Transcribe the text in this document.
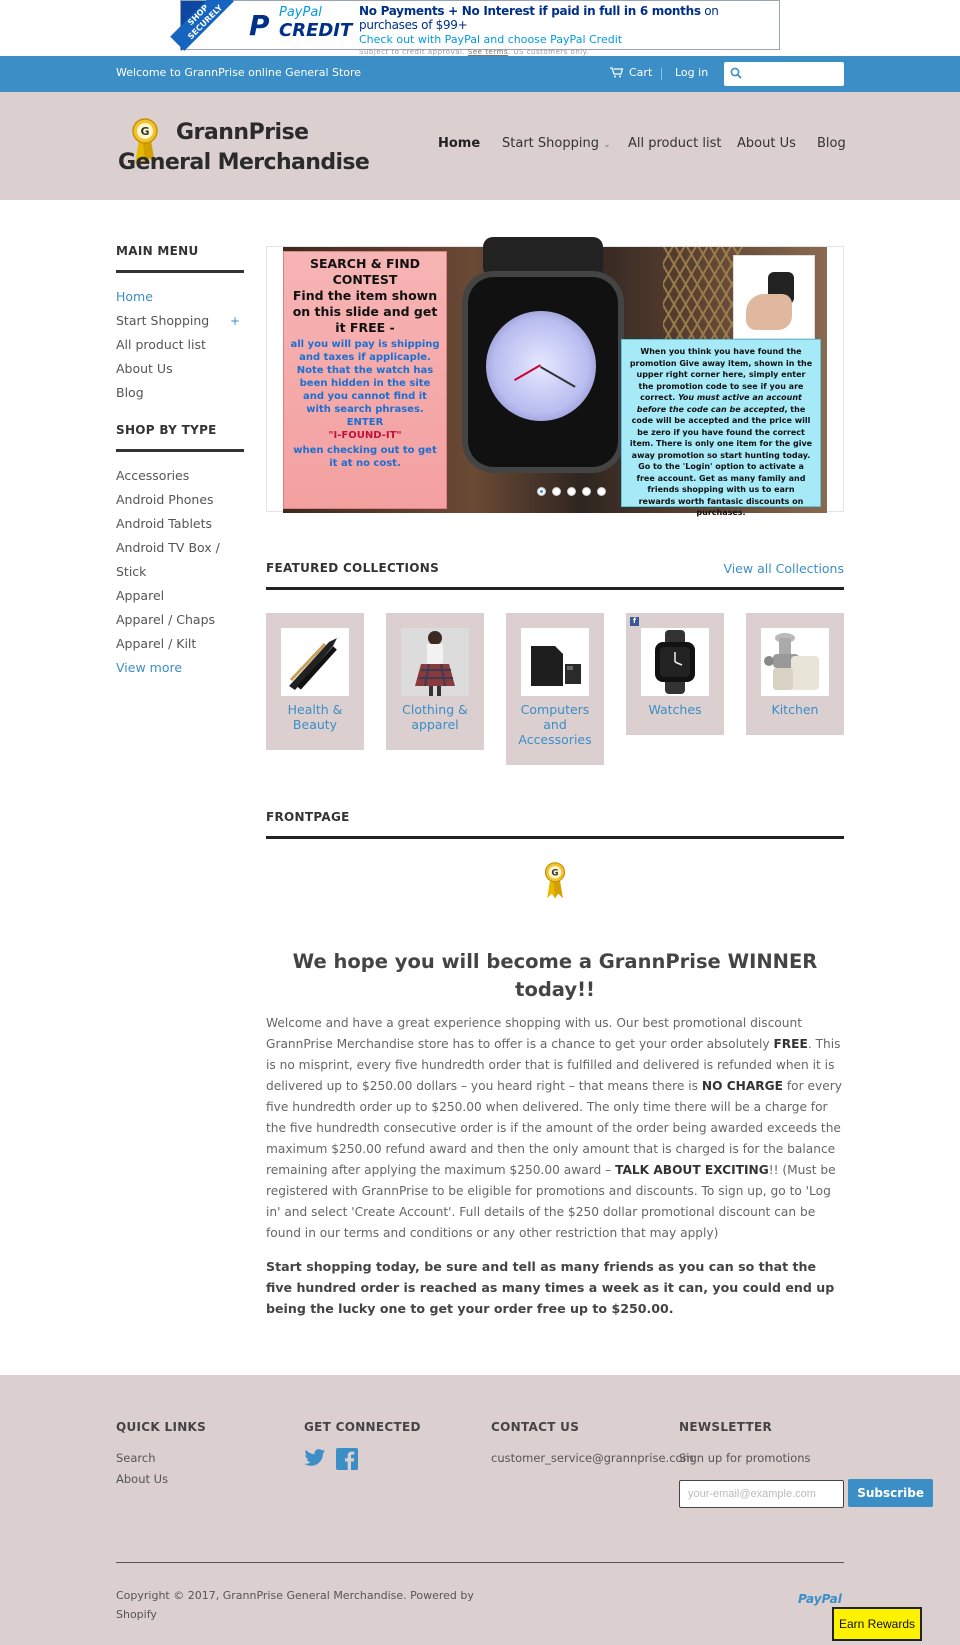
SHOP SECURELY P PayPal
CREDIT
No Payments + No Interest if paid in full in 6 months on purchases of $99+
Check out with PayPal and choose PayPal Credit
Subject to credit approval. See terms. US customers only.
Welcome to GrannPrise online General Store	Cart Log in
G GrannPrise
General Merchandise
Home Start Shopping ⌄ All product list About Us Blog
MAIN MENU
Home
Start Shopping +
All product list
About Us
Blog
SHOP BY TYPE
Accessories
Android Phones
Android Tablets
Android TV Box / Stick
Apparel
Apparel / Chaps
Apparel / Kilt
View more
SEARCH & FIND CONTEST
Find the item shown on this slide and get it FREE -
all you will pay is shipping and taxes if applicaple. Note that the watch has been hidden in the site and you cannot find it with search phrases. ENTER
"I-FOUND-IT"
when checking out to get it at no cost.
When you think you have found the promotion Give away item, shown in the upper right corner here, simply enter the promotion code to see if you are correct. You must active an account before the code can be accepted, the code will be accepted and the price will be zero if you have found the correct item. There is only one item for the give away promotion so start hunting today. Go to the 'Login' option to activate a free account. Get as many family and friends shopping with us to earn rewards worth fantasic discounts on purchases.
FEATURED COLLECTIONS	View all Collections
Health & Beauty
Clothing & apparel
Computers and Accessories
f
Watches	Kitchen
FRONTPAGE
G
We hope you will become a GrannPrise WINNER today!!
Welcome and have a great experience shopping with us. Our best promotional discount GrannPrise Merchandise store has to offer is a chance to get your order absolutely FREE. This is no misprint, every five hundredth order that is fulfilled and delivered is refunded when it is delivered up to $250.00 dollars – you heard right – that means there is NO CHARGE for every five hundredth order up to $250.00 when delivered. The only time there will be a charge for the five hundredth consecutive order is if the amount of the order being awarded exceeds the maximum $250.00 refund award and then the only amount that is charged is for the balance remaining after applying the maximum $250.00 award – TALK ABOUT EXCITING!! (Must be registered with GrannPrise to be eligible for promotions and discounts. To sign up, go to 'Log in' and select 'Create Account'. Full details of the $250 dollar promotional discount can be found in our terms and conditions or any other restriction that may apply)
Start shopping today, be sure and tell as many friends as you can so that the five hundred order is reached as many times a week as it can, you could end up being the lucky one to get your order free up to $250.00.
QUICK LINKS
Search
About Us
GET CONNECTED	CONTACT US
customer_service@grannprise.com
NEWSLETTER
Sign up for promotions
your-email@example.com Subscribe
Copyright © 2017, GrannPrise General Merchandise. Powered by Shopify
PayPal
Earn Rewards
